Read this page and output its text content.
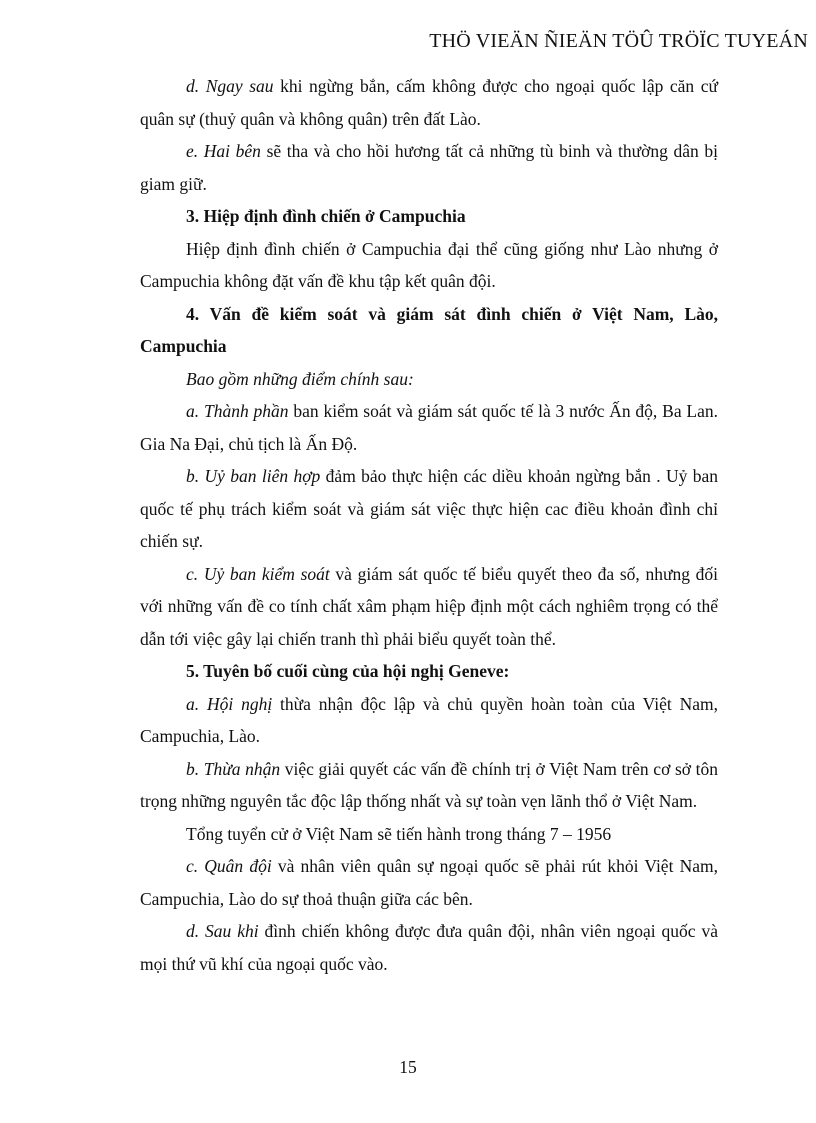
THÖ VIEÄN ÑIEÄN TÖÛ TRÖÏC TUYEÁN

d. Ngay sau khi ngừng bắn, cấm không được cho ngoại quốc lập căn cứ quân sự (thuỷ quân và không quân) trên đất Lào.

e. Hai bên sẽ tha và cho hồi hương tất cả những tù binh và thường dân bị giam giữ.

3. Hiệp định đình chiến ở Campuchia

Hiệp định đình chiến ở Campuchia đại thể cũng giống như Lào nhưng ở Campuchia không đặt vấn đề khu tập kết quân đội.

4. Vấn đề kiểm soát và giám sát đình chiến ở Việt Nam, Lào, Campuchia

Bao gồm những điểm chính sau:

a. Thành phần ban kiểm soát và giám sát quốc tế là 3 nước Ấn độ, Ba Lan. Gia Na Đại, chủ tịch là Ấn Độ.

b. Uỷ ban liên hợp đảm bảo thực hiện các diều khoản ngừng bắn . Uỷ ban quốc tế phụ trách kiểm soát và giám sát việc thực hiện cac điều khoản đình chỉ chiến sự.

c. Uỷ ban kiểm soát và giám sát quốc tế biểu quyết theo đa số, nhưng đối với những vấn đề co tính chất xâm phạm hiệp định một cách nghiêm trọng có thể dẫn tới việc gây lại chiến tranh thì phải biểu quyết toàn thể.

5. Tuyên bố cuối cùng của hội nghị Geneve:

a. Hội nghị thừa nhận độc lập và chủ quyền hoàn toàn của Việt Nam, Campuchia, Lào.

b. Thừa nhận việc giải quyết các vấn đề chính trị ở Việt Nam trên cơ sở tôn trọng những nguyên tắc độc lập thống nhất và sự toàn vẹn lãnh thổ ở Việt Nam.

Tổng tuyển cử ở Việt Nam sẽ tiến hành trong tháng 7 – 1956

c. Quân đội và nhân viên quân sự ngoại quốc sẽ phải rút khỏi Việt Nam, Campuchia, Lào do sự thoả thuận giữa các bên.

d. Sau khi đình chiến không được đưa quân đội, nhân viên ngoại quốc và mọi thứ vũ khí của ngoại quốc vào.

15
